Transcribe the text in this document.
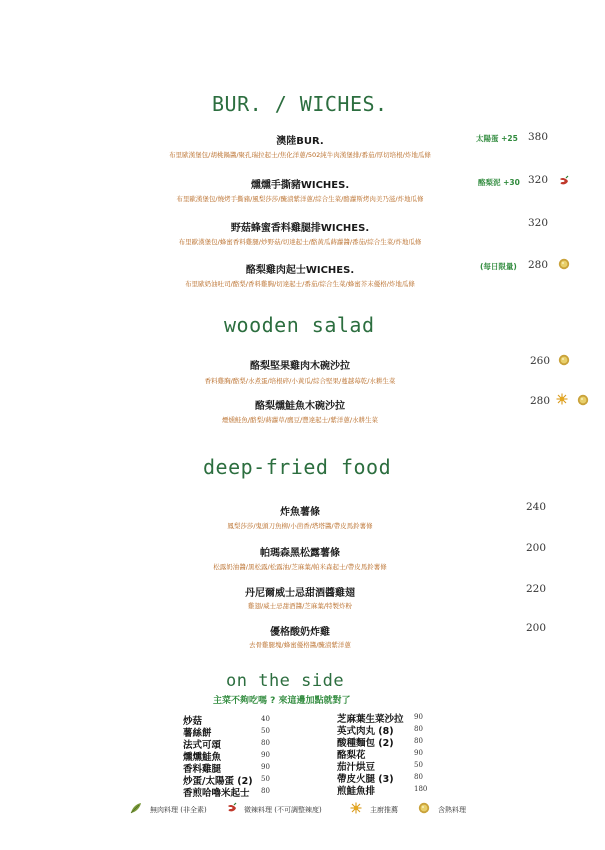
BUR. / WICHES.
澳陸BUR.
布里歐漢堡包/胡桃鍋醬/聚孔瑞拉起士/焦化洋蔥/502純牛肉漢堡排/番茄/厚切培根/炸地瓜條
太陽蛋 +25 380
燻燻手撕豬WICHES.
布里歐漢堡包/燒烤手撕豬/風梨莎莎/醃漬紫洋蔥/綜合生菜/酪蘿斯烤肉美乃滋/炸地瓜條
酪梨泥 +30 320
野菇蜂蜜香料雞腿排WICHES.
布里歐漢堡包/蜂蜜香料雞腿/炒野菇/切達起士/酪黃瓜蒔蘿醬/番茄/綜合生菜/炸地瓜條
320
酪梨雞肉起士WICHES.
布里歐奶油吐司/酪梨/香料雞胸/切達起士/番茄/綜合生菜/蜂蜜芥末優格/炸地瓜條
(每日限量) 280
wooden salad
酪梨堅果雞肉木碗沙拉
香料雞胸/酪梨/水煮蛋/培根碎/小黃瓜/綜合堅果/蔓越莓乾/水耕生菜
260
酪梨燻鮭魚木碗沙拉
煙燻鮭魚/酪梨/蒔蘿草/鷹豆/豐達起士/紫洋蔥/水耕生菜
280
deep-fried food
炸魚薯條
鳳梨莎莎/鬼頭刀魚柳/小茴香/塔塔醬/帶皮馬鈴薯條
240
帕瑪森黑松露薯條
松露奶油醬/黑松露/松露油/芝麻葉/帕米森起士/帶皮馬鈴薯條
200
丹尼爾威士忌甜酒醬雞翅
雞翅/威士忌甜酒醬/芝麻葉/特製炸粉
220
優格酸奶炸雞
去骨雞腿塊/蜂蜜優格醬/醃漬紫洋蔥
200
on the side
主菜不夠吃嗎 ? 來這邊加點就對了
炒菇	40
薯絲餅	50
法式可頌	80
燻燻鮭魚	90
香料雞腿	90
炒蛋/太陽蛋 (2) 50
香煎哈嚕米起士 80
芝麻葉生菜沙拉 90
英式肉丸 (8)	80
酸種麵包 (2)	80
酪梨花	90
茄汁烘豆	50
帶皮火腿 (3)	80
煎鮭魚排	180
無肉料理 (非全素)	微辣料理 (不可調整辣度)	主廚推薦	含熱料理
